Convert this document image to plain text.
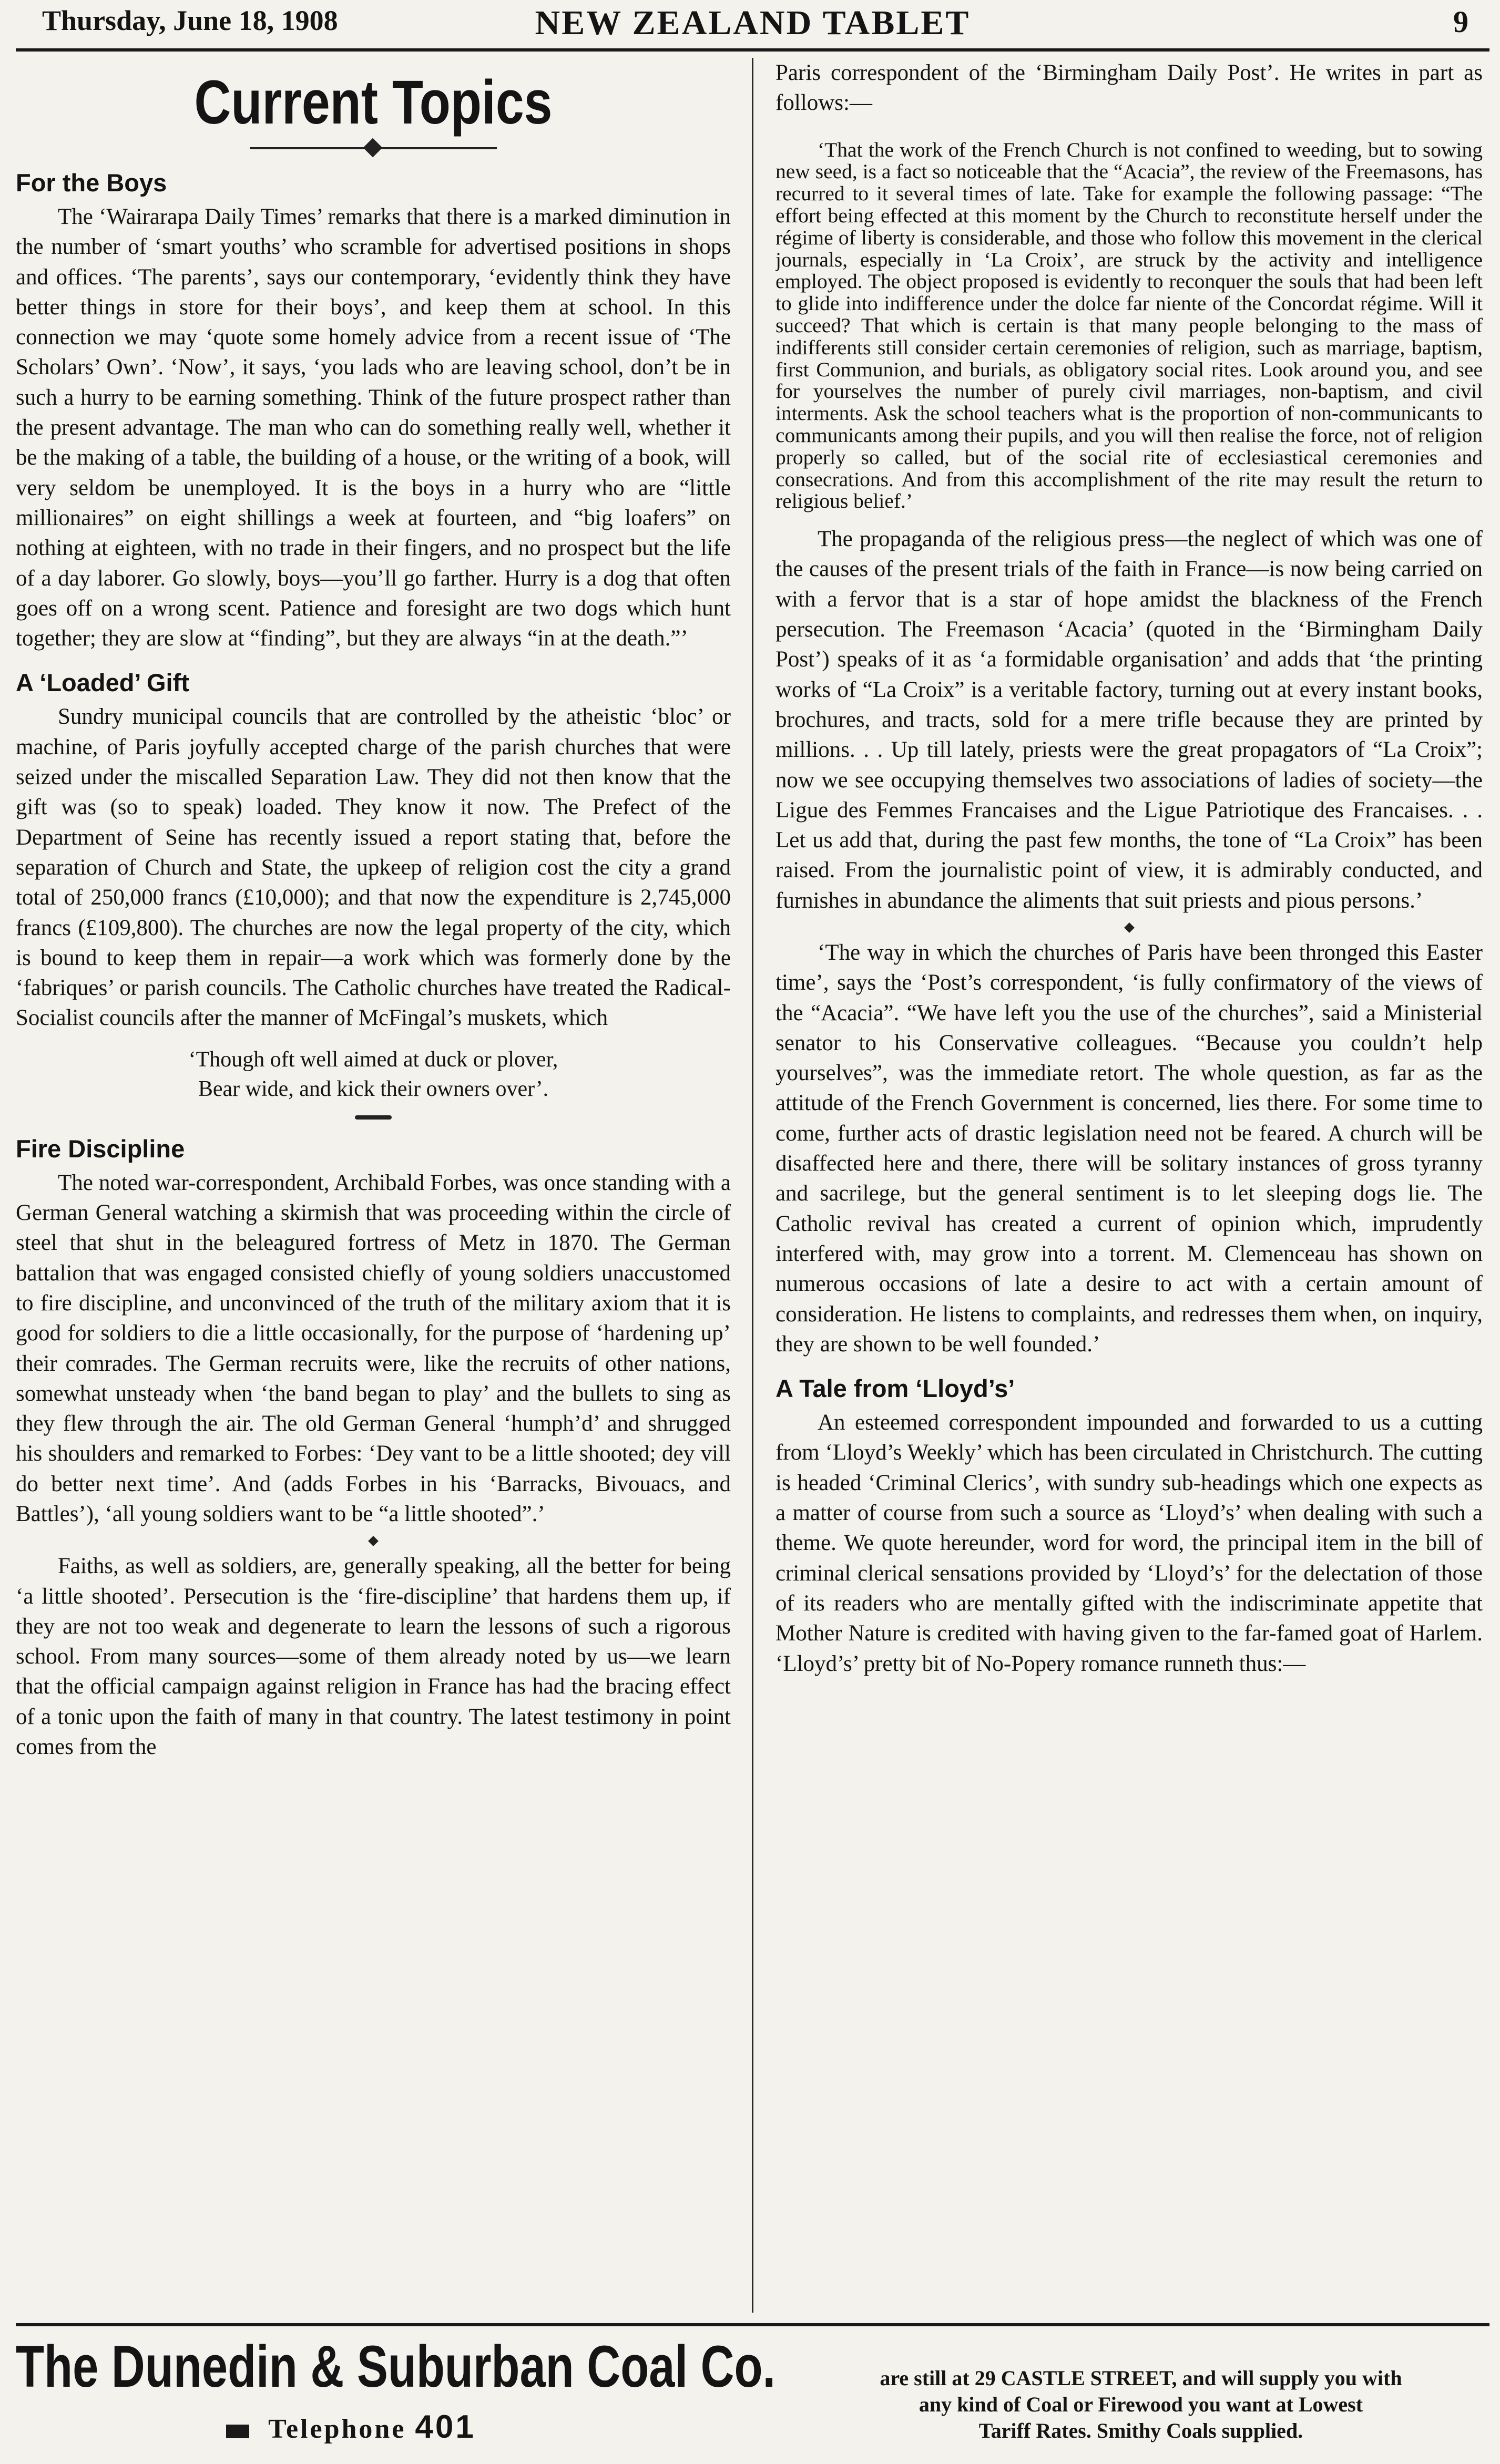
Thursday, June 18, 1908	NEW ZEALAND TABLET	9
Current Topics
For the Boys

The ‘Wairarapa Daily Times’ remarks that there is a marked diminution in the number of ‘smart youths’ who scramble for advertised positions in shops and offices. ‘The parents’, says our contemporary, ‘evidently think they have better things in store for their boys’, and keep them at school. In this connection we may ‘quote some homely advice from a recent issue of ‘The Scholars’ Own’. ‘Now’, it says, ‘you lads who are leaving school, don’t be in such a hurry to be earning something. Think of the future prospect rather than the present advantage. The man who can do something really well, whether it be the making of a table, the building of a house, or the writing of a book, will very seldom be unemployed. It is the boys in a hurry who are “little millionaires” on eight shillings a week at fourteen, and “big loafers” on nothing at eighteen, with no trade in their fingers, and no prospect but the life of a day laborer. Go slowly, boys—you’ll go farther. Hurry is a dog that often goes off on a wrong scent. Patience and foresight are two dogs which hunt together; they are slow at “finding”, but they are always “in at the death.”’

A ‘Loaded’ Gift

Sundry municipal councils that are controlled by the atheistic ‘bloc’ or machine, of Paris joyfully accepted charge of the parish churches that were seized under the miscalled Separation Law. They did not then know that the gift was (so to speak) loaded. They know it now. The Prefect of the Department of Seine has recently issued a report stating that, before the separation of Church and State, the upkeep of religion cost the city a grand total of 250,000 francs (£10,000); and that now the expenditure is 2,745,000 francs (£109,800). The churches are now the legal property of the city, which is bound to keep them in repair—a work which was formerly done by the ‘fabriques’ or parish councils. The Catholic churches have treated the Radical-Socialist councils after the manner of McFingal’s muskets, which

‘Though oft well aimed at duck or plover,
Bear wide, and kick their owners over’.
Fire Discipline

The noted war-correspondent, Archibald Forbes, was once standing with a German General watching a skirmish that was proceeding within the circle of steel that shut in the beleagured fortress of Metz in 1870. The German battalion that was engaged consisted chiefly of young soldiers unaccustomed to fire discipline, and unconvinced of the truth of the military axiom that it is good for soldiers to die a little occasionally, for the purpose of ‘hardening up’ their comrades. The German recruits were, like the recruits of other nations, somewhat unsteady when ‘the band began to play’ and the bullets to sing as they flew through the air. The old German General ‘humph’d’ and shrugged his shoulders and remarked to Forbes: ‘Dey vant to be a little shooted; dey vill do better next time’. And (adds Forbes in his ‘Barracks, Bivouacs, and Battles’), ‘all young soldiers want to be “a little shooted”.’

Faiths, as well as soldiers, are, generally speaking, all the better for being ‘a little shooted’. Persecution is the ‘fire-discipline’ that hardens them up, if they are not too weak and degenerate to learn the lessons of such a rigorous school. From many sources—some of them already noted by us—we learn that the official campaign against religion in France has had the bracing effect of a tonic upon the faith of many in that country. The latest testimony in point comes from the

Paris correspondent of the ‘Birmingham Daily Post’. He writes in part as follows:—

‘That the work of the French Church is not confined to weeding, but to sowing new seed, is a fact so noticeable that the “Acacia”, the review of the Freemasons, has recurred to it several times of late. Take for example the following passage: “The effort being effected at this moment by the Church to reconstitute herself under the régime of liberty is considerable, and those who follow this movement in the clerical journals, especially in ‘La Croix’, are struck by the activity and intelligence employed. The object proposed is evidently to reconquer the souls that had been left to glide into indifference under the dolce far niente of the Concordat régime. Will it succeed? That which is certain is that many people belonging to the mass of indifferents still consider certain ceremonies of religion, such as marriage, baptism, first Communion, and burials, as obligatory social rites. Look around you, and see for yourselves the number of purely civil marriages, non-baptism, and civil interments. Ask the school teachers what is the proportion of non-communicants to communicants among their pupils, and you will then realise the force, not of religion properly so called, but of the social rite of ecclesiastical ceremonies and consecrations. And from this accomplishment of the rite may result the return to religious belief.’

The propaganda of the religious press—the neglect of which was one of the causes of the present trials of the faith in France—is now being carried on with a fervor that is a star of hope amidst the blackness of the French persecution. The Freemason ‘Acacia’ (quoted in the ‘Birmingham Daily Post’) speaks of it as ‘a formidable organisation’ and adds that ‘the printing works of “La Croix” is a veritable factory, turning out at every instant books, brochures, and tracts, sold for a mere trifle because they are printed by millions. . . Up till lately, priests were the great propagators of “La Croix”; now we see occupying themselves two associations of ladies of society—the Ligue des Femmes Francaises and the Ligue Patriotique des Francaises. . . Let us add that, during the past few months, the tone of “La Croix” has been raised. From the journalistic point of view, it is admirably conducted, and furnishes in abundance the aliments that suit priests and pious persons.’

‘The way in which the churches of Paris have been thronged this Easter time’, says the ‘Post’s correspondent, ‘is fully confirmatory of the views of the “Acacia”. “We have left you the use of the churches”, said a Ministerial senator to his Conservative colleagues. “Because you couldn’t help yourselves”, was the immediate retort. The whole question, as far as the attitude of the French Government is concerned, lies there. For some time to come, further acts of drastic legislation need not be feared. A church will be disaffected here and there, there will be solitary instances of gross tyranny and sacrilege, but the general sentiment is to let sleeping dogs lie. The Catholic revival has created a current of opinion which, imprudently interfered with, may grow into a torrent. M. Clemenceau has shown on numerous occasions of late a desire to act with a certain amount of consideration. He listens to complaints, and redresses them when, on inquiry, they are shown to be well founded.’

A Tale from ‘Lloyd’s’

An esteemed correspondent impounded and forwarded to us a cutting from ‘Lloyd’s Weekly’ which has been circulated in Christchurch. The cutting is headed ‘Criminal Clerics’, with sundry sub-headings which one expects as a matter of course from such a source as ‘Lloyd’s’ when dealing with such a theme. We quote hereunder, word for word, the principal item in the bill of criminal clerical sensations provided by ‘Lloyd’s’ for the delectation of those of its readers who are mentally gifted with the indiscriminate appetite that Mother Nature is credited with having given to the far-famed goat of Harlem. ‘Lloyd’s’ pretty bit of No-Popery romance runneth thus:—

The Dunedin & Suburban Coal Co.
Telephone 401
are still at 29 CASTLE STREET, and will supply you with
any kind of Coal or Firewood you want at Lowest
Tariff Rates. Smithy Coals supplied.
